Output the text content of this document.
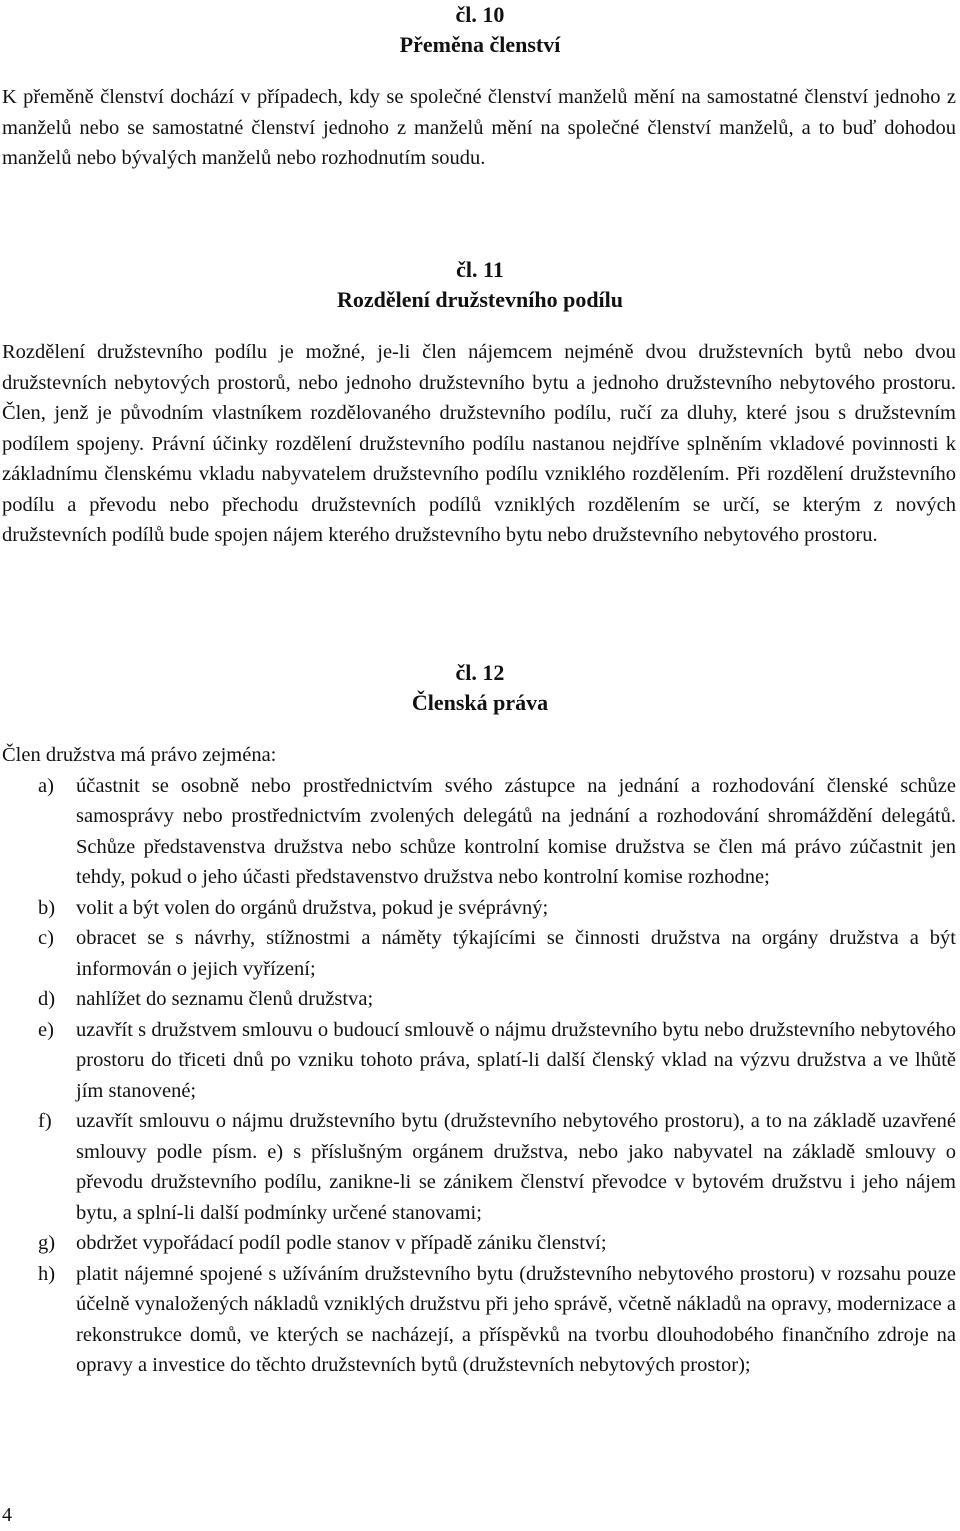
čl. 10
Přeměna členství

K přeměně členství dochází v případech, kdy se společné členství manželů mění na samostatné členství jednoho z manželů nebo se samostatné členství jednoho z manželů mění na společné členství manželů, a to buď dohodou manželů nebo bývalých manželů nebo rozhodnutím soudu.

čl. 11
Rozdělení družstevního podílu

Rozdělení družstevního podílu je možné, je-li člen nájemcem nejméně dvou družstevních bytů nebo dvou družstevních nebytových prostorů, nebo jednoho družstevního bytu a jednoho družstevního nebytového prostoru. Člen, jenž je původním vlastníkem rozdělovaného družstevního podílu, ručí za dluhy, které jsou s družstevním podílem spojeny. Právní účinky rozdělení družstevního podílu nastanou nejdříve splněním vkladové povinnosti k základnímu členskému vkladu nabyvatelem družstevního podílu vzniklého rozdělením. Při rozdělení družstevního podílu a převodu nebo přechodu družstevních podílů vzniklých rozdělením se určí, se kterým z nových družstevních podílů bude spojen nájem kterého družstevního bytu nebo družstevního nebytového prostoru.

čl. 12
Členská práva

Člen družstva má právo zejména:

a) účastnit se osobně nebo prostřednictvím svého zástupce na jednání a rozhodování členské schůze samosprávy nebo prostřednictvím zvolených delegátů na jednání a rozhodování shromáždění delegátů. Schůze představenstva družstva nebo schůze kontrolní komise družstva se člen má právo zúčastnit jen tehdy, pokud o jeho účasti představenstvo družstva nebo kontrolní komise rozhodne;
b) volit a být volen do orgánů družstva, pokud je svéprávný;
c) obracet se s návrhy, stížnostmi a náměty týkajícími se činnosti družstva na orgány družstva a být informován o jejich vyřízení;
d) nahlížet do seznamu členů družstva;
e) uzavřít s družstvem smlouvu o budoucí smlouvě o nájmu družstevního bytu nebo družstevního nebytového prostoru do třiceti dnů po vzniku tohoto práva, splatí-li další členský vklad na výzvu družstva a ve lhůtě jím stanovené;
f) uzavřít smlouvu o nájmu družstevního bytu (družstevního nebytového prostoru), a to na základě uzavřené smlouvy podle písm. e) s příslušným orgánem družstva, nebo jako nabyvatel na základě smlouvy o převodu družstevního podílu, zanikne-li se zánikem členství převodce v bytovém družstvu i jeho nájem bytu, a splní-li další podmínky určené stanovami;
g) obdržet vypořádací podíl podle stanov v případě zániku členství;
h) platit nájemné spojené s užíváním družstevního bytu (družstevního nebytového prostoru) v rozsahu pouze účelně vynaložených nákladů vzniklých družstvu při jeho správě, včetně nákladů na opravy, modernizace a rekonstrukce domů, ve kterých se nacházejí, a příspěvků na tvorbu dlouhodobého finančního zdroje na opravy a investice do těchto družstevních bytů (družstevních nebytových prostor);
4
